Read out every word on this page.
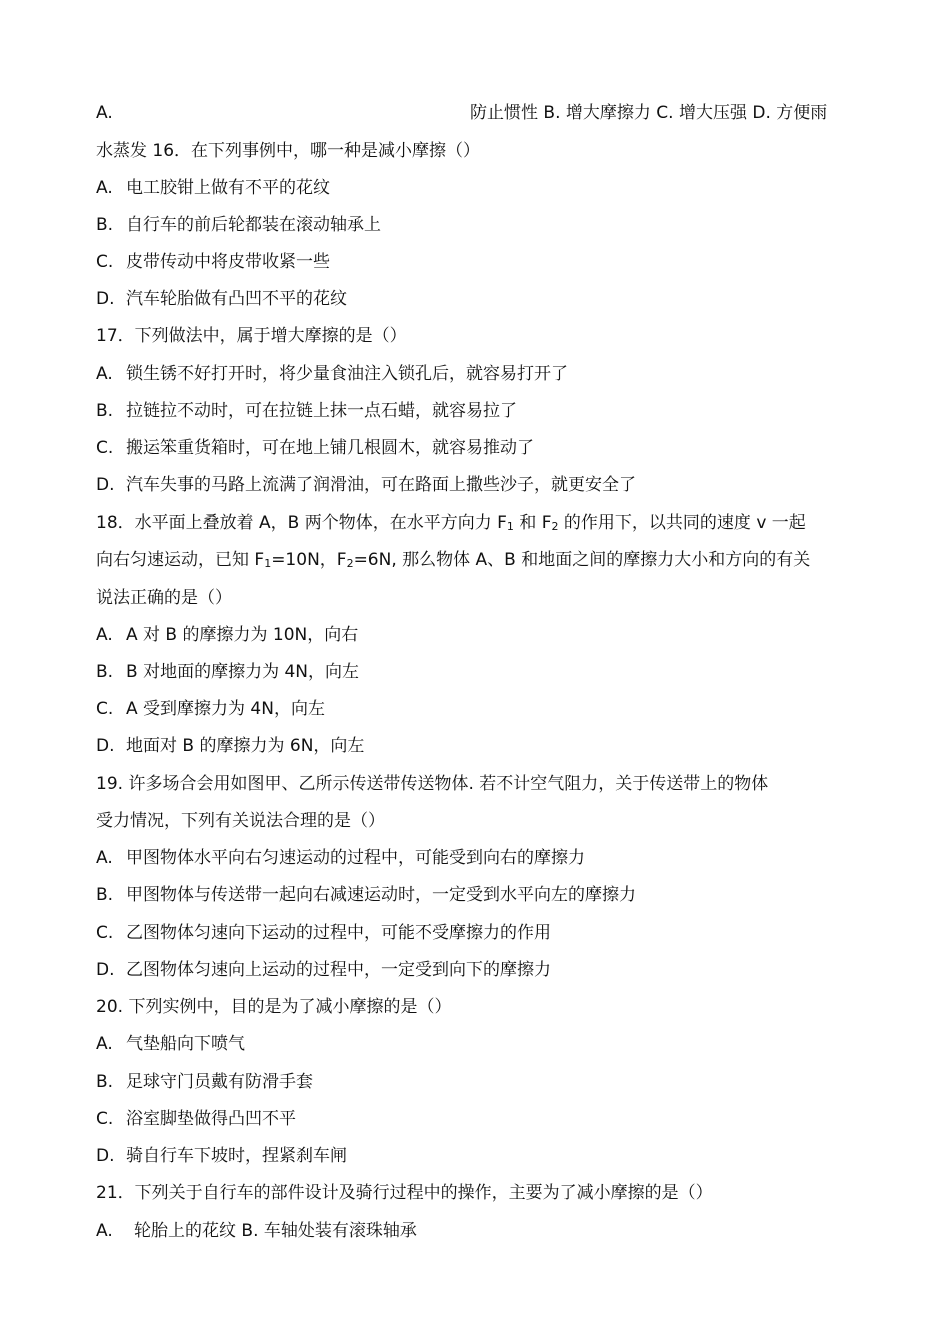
A.	防止惯性 B. 增大摩擦力 C. 增大压强 D. 方便雨
水蒸发 16．在下列事例中，哪一种是减小摩擦（）
A. 电工胶钳上做有不平的花纹
B. 自行车的前后轮都装在滚动轴承上
C. 皮带传动中将皮带收紧一些
D. 汽车轮胎做有凸凹不平的花纹
17．下列做法中，属于增大摩擦的是（）
A. 锁生锈不好打开时，将少量食油注入锁孔后，就容易打开了
B. 拉链拉不动时，可在拉链上抹一点石蜡，就容易拉了
C. 搬运笨重货箱时，可在地上铺几根圆木，就容易推动了
D. 汽车失事的马路上流满了润滑油，可在路面上撒些沙子，就更安全了
18．水平面上叠放着 A，B 两个物体，在水平方向力 $F_1$ 和 $F_2$ 的作用下，以共同的速度 v 一起
向右匀速运动，已知 $F_1=10N$，$F_2=6N$, 那么物体 A、B 和地面之间的摩擦力大小和方向的有关
说法正确的是（）
A. A 对 B 的摩擦力为 10N，向右
B. B 对地面的摩擦力为 4N，向左
C. A 受到摩擦力为 4N，向左
D. 地面对 B 的摩擦力为 6N，向左
19. 许多场合会用如图甲、乙所示传送带传送物体. 若不计空气阻力，关于传送带上的物体
受力情况，下列有关说法合理的是（）
A. 甲图物体水平向右匀速运动的过程中，可能受到向右的摩擦力
B. 甲图物体与传送带一起向右减速运动时，一定受到水平向左的摩擦力
C. 乙图物体匀速向下运动的过程中，可能不受摩擦力的作用
D. 乙图物体匀速向上运动的过程中，一定受到向下的摩擦力
20. 下列实例中，目的是为了减小摩擦的是（）
A. 气垫船向下喷气
B. 足球守门员戴有防滑手套
C. 浴室脚垫做得凸凹不平
D. 骑自行车下坡时，捏紧刹车闸
21．下列关于自行车的部件设计及骑行过程中的操作，主要为了减小摩擦的是（）
A. 轮胎上的花纹 B. 车轴处装有滚珠轴承
